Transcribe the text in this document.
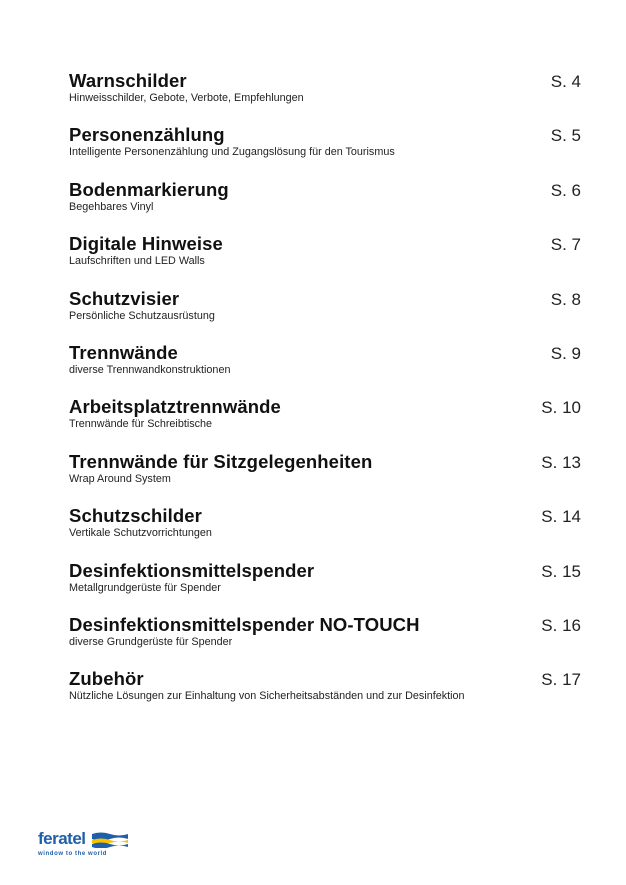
Warnschilder
Hinweisschilder, Gebote, Verbote, Empfehlungen
S. 4
Personenzählung
Intelligente Personenzählung und Zugangslösung für den Tourismus
S. 5
Bodenmarkierung
Begehbares Vinyl
S. 6
Digitale Hinweise
Laufschriften und LED Walls
S. 7
Schutzvisier
Persönliche Schutzausrüstung
S. 8
Trennwände
diverse Trennwandkonstruktionen
S. 9
Arbeitsplatztrennwände
Trennwände für Schreibtische
S. 10
Trennwände für Sitzgelegenheiten
Wrap Around System
S. 13
Schutzschilder
Vertikale Schutzvorrichtungen
S. 14
Desinfektionsmittelspender
Metallgrundgerüste für Spender
S. 15
Desinfektionsmittelspender NO-TOUCH
diverse Grundgerüste für Spender
S. 16
Zubehör
Nützliche Lösungen zur Einhaltung von Sicherheitsabständen und zur Desinfektion
S. 17
feratel
window to the world
